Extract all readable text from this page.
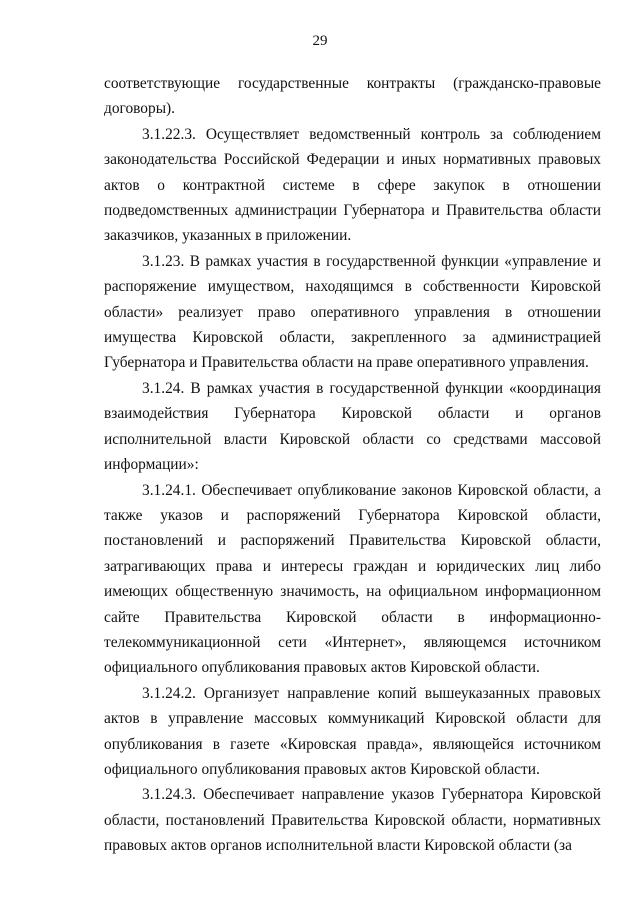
29

соответствующие государственные контракты (гражданско-правовые договоры).

3.1.22.3. Осуществляет ведомственный контроль за соблюдением законодательства Российской Федерации и иных нормативных правовых актов о контрактной системе в сфере закупок в отношении подведомственных администрации Губернатора и Правительства области заказчиков, указанных в приложении.

3.1.23. В рамках участия в государственной функции «управление и распоряжение имуществом, находящимся в собственности Кировской области» реализует право оперативного управления в отношении имущества Кировской области, закрепленного за администрацией Губернатора и Правительства области на праве оперативного управления.

3.1.24. В рамках участия в государственной функции «координация взаимодействия Губернатора Кировской области и органов исполнительной власти Кировской области со средствами массовой информации»:

3.1.24.1. Обеспечивает опубликование законов Кировской области, а также указов и распоряжений Губернатора Кировской области, постановлений и распоряжений Правительства Кировской области, затрагивающих права и интересы граждан и юридических лиц либо имеющих общественную значимость, на официальном информационном сайте Правительства Кировской области в информационно-телекоммуникационной сети «Интернет», являющемся источником официального опубликования правовых актов Кировской области.

3.1.24.2. Организует направление копий вышеуказанных правовых актов в управление массовых коммуникаций Кировской области для опубликования в газете «Кировская правда», являющейся источником официального опубликования правовых актов Кировской области.

3.1.24.3. Обеспечивает направление указов Губернатора Кировской области, постановлений Правительства Кировской области, нормативных правовых актов органов исполнительной власти Кировской области (за
